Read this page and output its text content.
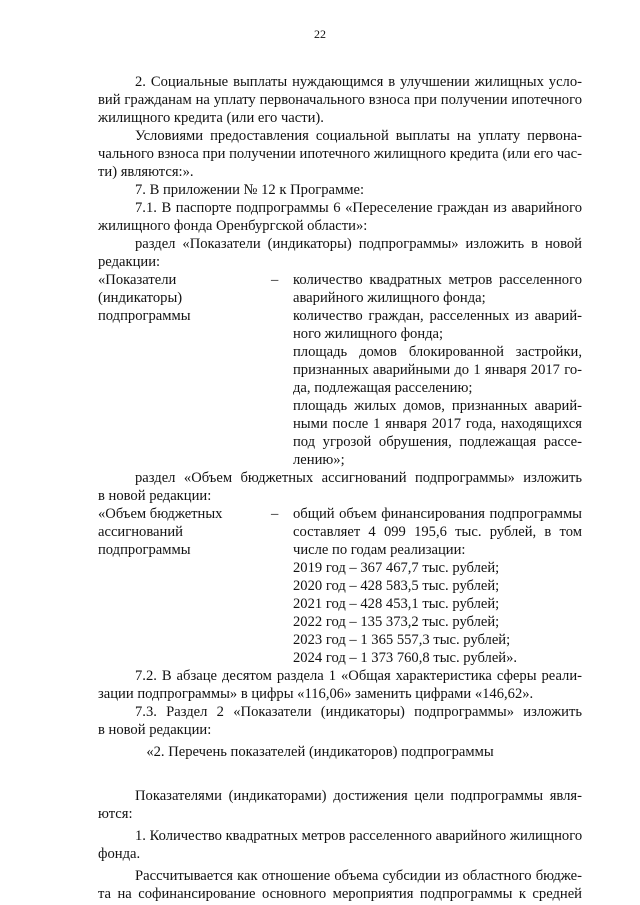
22
2. Социальные выплаты нуждающимся в улучшении жилищных усло-
вий гражданам на уплату первоначального взноса при получении ипотечного
жилищного кредита (или его части).
Условиями предоставления социальной выплаты на уплату первона-
чального взноса при получении ипотечного жилищного кредита (или его час-
ти) являются:».
7. В приложении № 12 к Программе:
7.1. В паспорте подпрограммы 6 «Переселение граждан из аварийного
жилищного фонда Оренбургской области»:
раздел «Показатели (индикаторы) подпрограммы» изложить в новой
редакции:
«Показатели
(индикаторы)
подпрограммы
– количество квадратных метров расселенного
аварийного жилищного фонда;
количество граждан, расселенных из аварий-
ного жилищного фонда;
площадь домов блокированной застройки,
признанных аварийными до 1 января 2017 го-
да, подлежащая расселению;
площадь жилых домов, признанных аварий-
ными после 1 января 2017 года, находящихся
под угрозой обрушения, подлежащая рассе-
лению»;
раздел «Объем бюджетных ассигнований подпрограммы» изложить
в новой редакции:
«Объем бюджетных
ассигнований
подпрограммы
– общий объем финансирования подпрограммы
составляет 4 099 195,6 тыс. рублей, в том
числе по годам реализации:
2019 год – 367 467,7 тыс. рублей;
2020 год – 428 583,5 тыс. рублей;
2021 год – 428 453,1 тыс. рублей;
2022 год – 135 373,2 тыс. рублей;
2023 год – 1 365 557,3 тыс. рублей;
2024 год – 1 373 760,8 тыс. рублей».
7.2. В абзаце десятом раздела 1 «Общая характеристика сферы реали-
зации подпрограммы» в цифры «116,06» заменить цифрами «146,62».
7.3. Раздел 2 «Показатели (индикаторы) подпрограммы» изложить
в новой редакции:
«2. Перечень показателей (индикаторов) подпрограммы
Показателями (индикаторами) достижения цели подпрограммы явля-
ются:
1. Количество квадратных метров расселенного аварийного жилищного
фонда.
Рассчитывается как отношение объема субсидии из областного бюдже-
та на софинансирование основного мероприятия подпрограммы к средней
